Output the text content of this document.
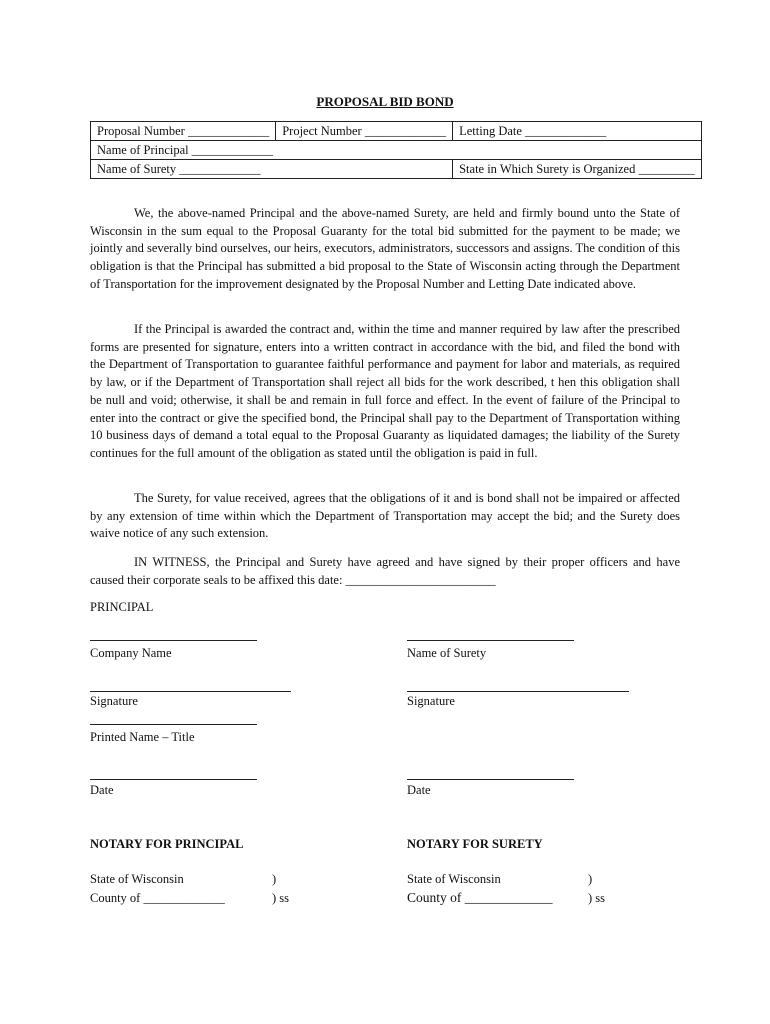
PROPOSAL BID BOND
Proposal Number _____________	Project Number _____________	Letting Date _____________
Name of Principal _____________		
Name of Surety _____________		State in Which Surety is Organized _________

We, the above-named Principal and the above-named Surety, are held and firmly bound unto the State of Wisconsin in the sum equal to the Proposal Guaranty for the total bid submitted for the payment to be made; we jointly and severally bind ourselves, our heirs, executors, administrators, successors and assigns. The condition of this obligation is that the Principal has submitted a bid proposal to the State of Wisconsin acting through the Department of Transportation for the improvement designated by the Proposal Number and Letting Date indicated above.

If the Principal is awarded the contract and, within the time and manner required by law after the prescribed forms are presented for signature, enters into a written contract in accordance with the bid, and filed the bond with the Department of Transportation to guarantee faithful performance and payment for labor and materials, as required by law, or if the Department of Transportation shall reject all bids for the work described, t hen this obligation shall be null and void; otherwise, it shall be and remain in full force and effect. In the event of failure of the Principal to enter into the contract or give the specified bond, the Principal shall pay to the Department of Transportation withing 10 business days of demand a total equal to the Proposal Guaranty as liquidated damages; the liability of the Surety continues for the full amount of the obligation as stated until the obligation is paid in full.

The Surety, for value received, agrees that the obligations of it and is bond shall not be impaired or affected by any extension of time within which the Department of Transportation may accept the bid; and the Surety does waive notice of any such extension.

IN WITNESS, the Principal and Surety have agreed and have signed by their proper officers and have caused their corporate seals to be affixed this date: ________________________

PRINCIPAL
Company Name
Signature
Printed Name – Title
Date
Name of Surety
Signature
Date
NOTARY FOR PRINCIPAL
State of Wisconsin	)
County of _____________	) ss
NOTARY FOR SURETY
State of Wisconsin	)
County of _____________	) ss
